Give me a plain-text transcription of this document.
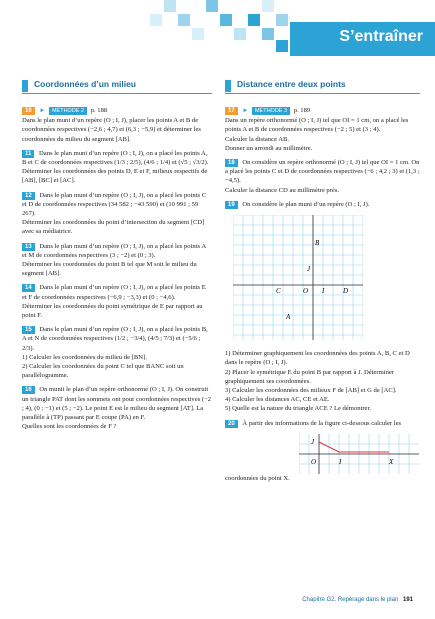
S’entraîner
Coordonnées d’un milieu
10 ► MÉTHODE 2 p. 188

Dans le plan muni d’un repère (O ; I, J), placer les points A et B de coordonnées respectives (−2,6 ; 4,7) et (6,3 ; −5,9) et déterminer les coordonnées du milieu du segment [AB].

11 Dans le plan muni d’un repère (O ; I, J), on a placé les points A, B et C de coordonnées respectives (1/3 ; 2/5), (4/6 ; 1/4) et (√5 ; √3/2).

Déterminer les coordonnées des points D, E et F, milieux respectifs de [AB], [BC] et [AC].

12 Dans le plan muni d’un repère (O ; I, J), on a placé les points C et D de coordonnées respectives (34 582 ; −43 590) et (10 991 ; 59 267).

Déterminer les coordonnées du point d’intersection du segment [CD] avec sa médiatrice.

13 Dans le plan muni d’un repère (O ; I, J), on a placé les points A et M de coordonnées respectives (3 ; −2) et (0 ; 3).

Déterminer les coordonnées du point B tel que M soit le milieu du segment [AB].

14 Dans le plan muni d’un repère (O ; I, J), on a placé les points E et F de coordonnées respectives (−6,9 ; −3,3) et (0 ; −4,6).

Déterminer les coordonnées du point symétrique de E par rapport au point F.

15 Dans le plan muni d’un repère (O ; I, J), on a placé les points B, A et N de coordonnées respectives (1/2 ; −3/4), (4/5 ; 7/3) et (−5/6 ; 2/3).

1) Calculer les coordonnées du milieu de [BN].

2) Calculer les coordonnées du point C tel que BANC soit un parallélogramme.

16 On munit le plan d’un repère orthonormé (O ; I, J). On construit un triangle PAT dont les sommets ont pour coordonnées respectives (−2 ; 4), (0 ; −1) et (5 ; −2). Le point E est le milieu du segment [AT]. La parallèle à (TP) passant par E coupe (PA) en F.

Quelles sont les coordonnées de F ?

Distance entre deux points
17 ► MÉTHODE 3 p. 189

Dans un repère orthonormé (O ; I, J) tel que OI = 1 cm, on a placé les points A et B de coordonnées respectives (−2 ; 5) et (3 ; 4).

Calculer la distance AB.

Donner un arrondi au millimètre.

18 On considère un repère orthonormé (O ; I, J) tel que OI = 1 cm. On a placé les points C et D de coordonnées respectives (−6 ; 4,2 ; 3) et (1,3 ; −4,5).

Calculer la distance CD au millimètre près.

19 On considère le plan muni d’un repère (O ; I, J).
B
J
C	O I	D
A

1) Déterminer graphiquement les coordonnées des points A, B, C et D dans le repère (O ; I, J).

2) Placer le symétrique E du point B par rapport à J. Déterminer graphiquement ses coordonnées.

3) Calculer les coordonnées des milieux F de [AB] et G de [AC].

4) Calculer les distances AC, CE et AE.

5) Quelle est la nature du triangle ACE ? Le démontrer.

20 À partir des informations de la figure ci-dessous calculer les coordonnées du point X.
J
O	I	X
Chapitre G2. Repérage dans le plan 191
